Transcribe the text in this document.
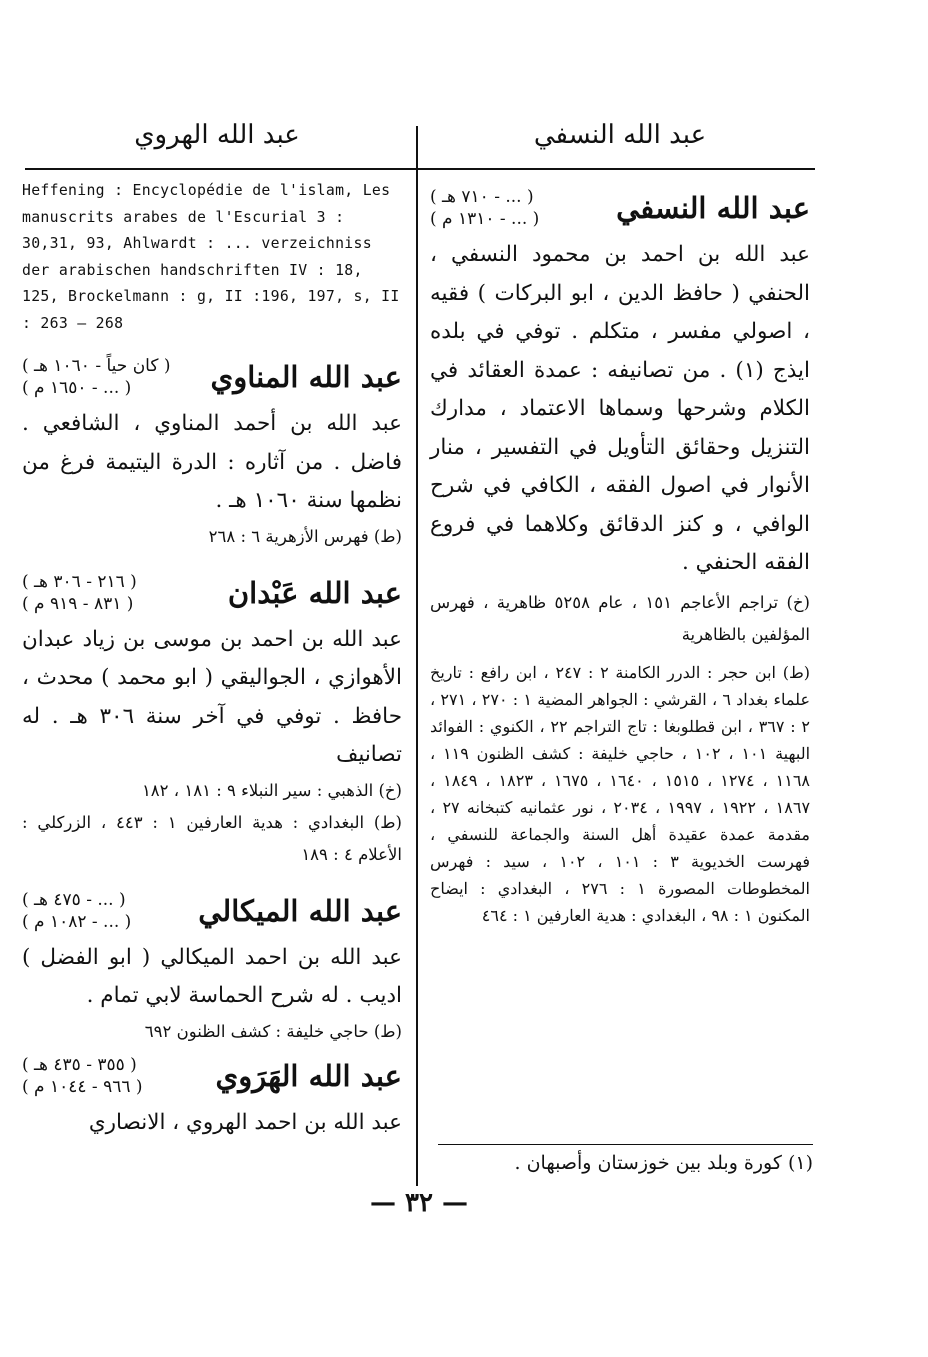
عبد الله النسفي
عبد الله الهروي
عبد الله النسفي
( ... - ٧١٠ هـ )
( ... - ١٣١٠ م )
عبد الله بن احمد بن محمود النسفي ، الحنفي ( حافظ الدين ، ابو البركات ) فقيه ، اصولي مفسر ، متكلم . توفي في بلده ايذج (١) . من تصانيفه : عمدة العقائد في الكلام وشرحها وسماها الاعتماد ، مدارك التنزيل وحقائق التأويل في التفسير ، منار الأنوار في اصول الفقه ، الكافي في شرح الوافي ، و كنز الدقائق وكلاهما في فروع الفقه الحنفي .
(خ) تراجم الأعاجم ١٥١ ، عام ٥٢٥٨ ظاهرية ، فهرس المؤلفين بالظاهرية
(ط) ابن حجر : الدرر الكامنة ٢ : ٢٤٧ ، ابن رافع : تاريخ علماء بغداد ٦ ، القرشي : الجواهر المضية ١ : ٢٧٠ ، ٢٧١ ، ٢ : ٣٦٧ ، ابن قطلوبغا : تاج التراجم ٢٢ ، الكنوي : الفوائد البهية ١٠١ ، ١٠٢ ، حاجي خليفة : كشف الظنون ١١٩ ، ١١٦٨ ، ١٢٧٤ ، ١٥١٥ ، ١٦٤٠ ، ١٦٧٥ ، ١٨٢٣ ، ١٨٤٩ ، ١٨٦٧ ، ١٩٢٢ ، ١٩٩٧ ، ٢٠٣٤ ، نور عثمانيه كتبخانه ٢٧ ، مقدمة عمدة عقيدة أهل السنة والجماعة للنسفي ، فهرست الخديوية ٣ : ١٠١ ، ١٠٢ ، سيد : فهرس المخطوطات المصورة ١ : ٢٧٦ ، البغدادي : ايضاح المكنون ١ : ٩٨ ، البغدادي : هدية العارفين ١ : ٤٦٤
(١) كورة وبلد بين خوزستان وأصبهان .
Heffening : Encyclopédie de l'islam, Les manuscrits arabes de l'Escurial 3 : 30,31, 93, Ahlwardt : ... verzeichniss der arabischen handschriften IV : 18, 125, Brockelmann : g, II :196, 197, s, II : 263 — 268
عبد الله المناوي
( كان حياً - ١٠٦٠ هـ )
( ... - ١٦٥٠ م )
عبد الله بن أحمد المناوي ، الشافعي . فاضل . من آثاره : الدرة اليتيمة فرغ من نظمها سنة ١٠٦٠ هـ .
(ط) فهرس الأزهرية ٦ : ٢٦٨
عبد الله عَبْدان
( ٢١٦ - ٣٠٦ هـ )
( ٨٣١ - ٩١٩ م )
عبد الله بن احمد بن موسى بن زياد عبدان الأهوازي ، الجواليقي ( ابو محمد ) محدث ، حافظ . توفي في آخر سنة ٣٠٦ هـ . له تصانيف
(خ) الذهبي : سير النبلاء ٩ : ١٨١ ، ١٨٢
(ط) البغدادي : هدية العارفين ١ : ٤٤٣ ، الزركلي : الأعلام ٤ : ١٨٩
عبد الله الميكالي
( ... - ٤٧٥ هـ )
( ... - ١٠٨٢ م )
عبد الله بن احمد الميكالي ( ابو الفضل ) اديب . له شرح الحماسة لابي تمام .
(ط) حاجي خليفة : كشف الظنون ٦٩٢
عبد الله الهَرَوي
( ٣٥٥ - ٤٣٥ هـ )
( ٩٦٦ - ١٠٤٤ م )
عبد الله بن احمد الهروي ، الانصاري
— ٣٢ —
